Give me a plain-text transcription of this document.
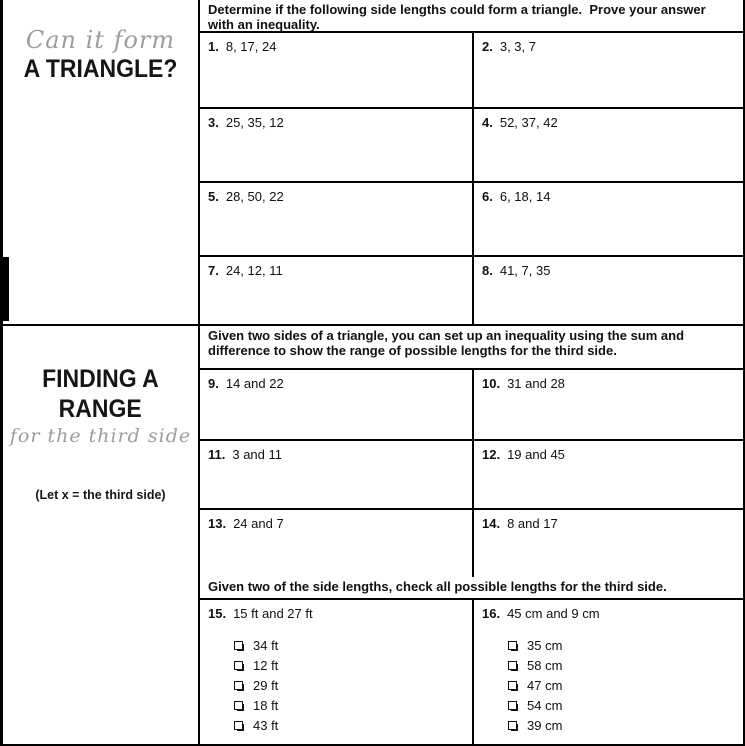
Can it form
A TRIANGLE?
Determine if the following side lengths could form a triangle.  Prove your answer with an inequality.
1. 8, 17, 24	2. 3, 3, 7
3. 25, 35, 12	4. 52, 37, 42
5. 28, 50, 22	6. 6, 18, 14
7. 24, 12, 11	8. 41, 7, 35
FINDING A
RANGE
for the third side
(Let x = the third side)
Given two sides of a triangle, you can set up an inequality using the sum and difference to show the range of possible lengths for the third side.
9. 14 and 22	10. 31 and 28
11. 3 and 11	12. 19 and 45
13. 24 and 7	14. 8 and 17
Given two of the side lengths, check all possible lengths for the third side.
15. 15 ft and 27 ft
34 ft
12 ft
29 ft
18 ft
43 ft
16. 45 cm and 9 cm
35 cm
58 cm
47 cm
54 cm
39 cm
